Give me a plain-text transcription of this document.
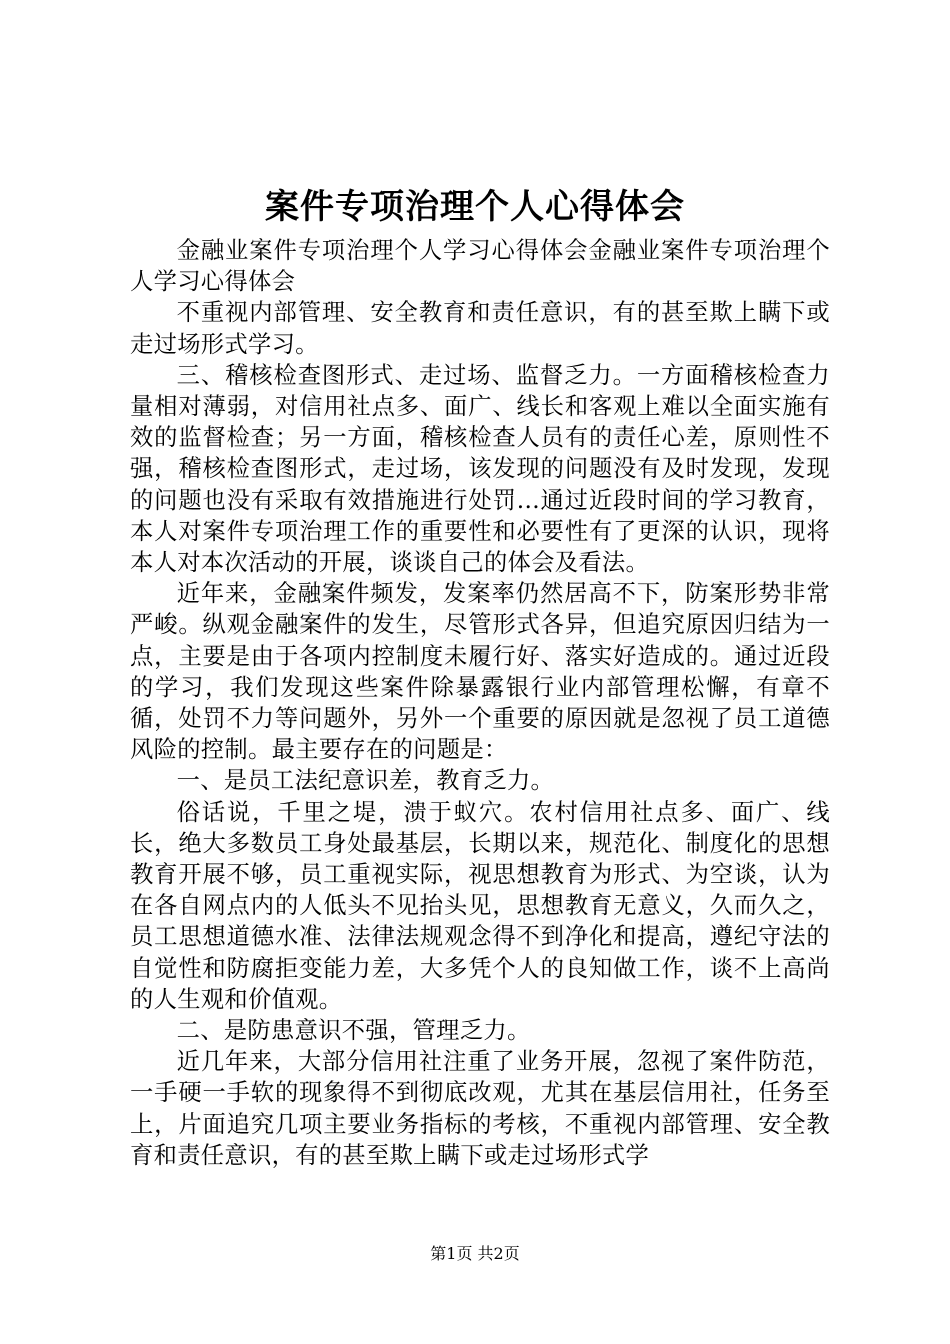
案件专项治理个人心得体会

金融业案件专项治理个人学习心得体会金融业案件专项治理个人学习心得体会

不重视内部管理、安全教育和责任意识，有的甚至欺上瞒下或走过场形式学习。

三、稽核检查图形式、走过场、监督乏力。一方面稽核检查力量相对薄弱，对信用社点多、面广、线长和客观上难以全面实施有效的监督检查；另一方面，稽核检查人员有的责任心差，原则性不强，稽核检查图形式，走过场，该发现的问题没有及时发现，发现的问题也没有采取有效措施进行处罚...通过近段时间的学习教育，本人对案件专项治理工作的重要性和必要性有了更深的认识，现将本人对本次活动的开展，谈谈自己的体会及看法。

近年来，金融案件频发，发案率仍然居高不下，防案形势非常严峻。纵观金融案件的发生，尽管形式各异，但追究原因归结为一点，主要是由于各项内控制度未履行好、落实好造成的。通过近段的学习，我们发现这些案件除暴露银行业内部管理松懈，有章不循，处罚不力等问题外，另外一个重要的原因就是忽视了员工道德风险的控制。最主要存在的问题是：

一、是员工法纪意识差，教育乏力。

俗话说，千里之堤，溃于蚁穴。农村信用社点多、面广、线长，绝大多数员工身处最基层，长期以来，规范化、制度化的思想教育开展不够，员工重视实际，视思想教育为形式、为空谈，认为在各自网点内的人低头不见抬头见，思想教育无意义，久而久之，员工思想道德水准、法律法规观念得不到净化和提高，遵纪守法的自觉性和防腐拒变能力差，大多凭个人的良知做工作，谈不上高尚的人生观和价值观。

二、是防患意识不强，管理乏力。

近几年来，大部分信用社注重了业务开展，忽视了案件防范，一手硬一手软的现象得不到彻底改观，尤其在基层信用社，任务至上，片面追究几项主要业务指标的考核，不重视内部管理、安全教育和责任意识，有的甚至欺上瞒下或走过场形式学

第1页 共2页
